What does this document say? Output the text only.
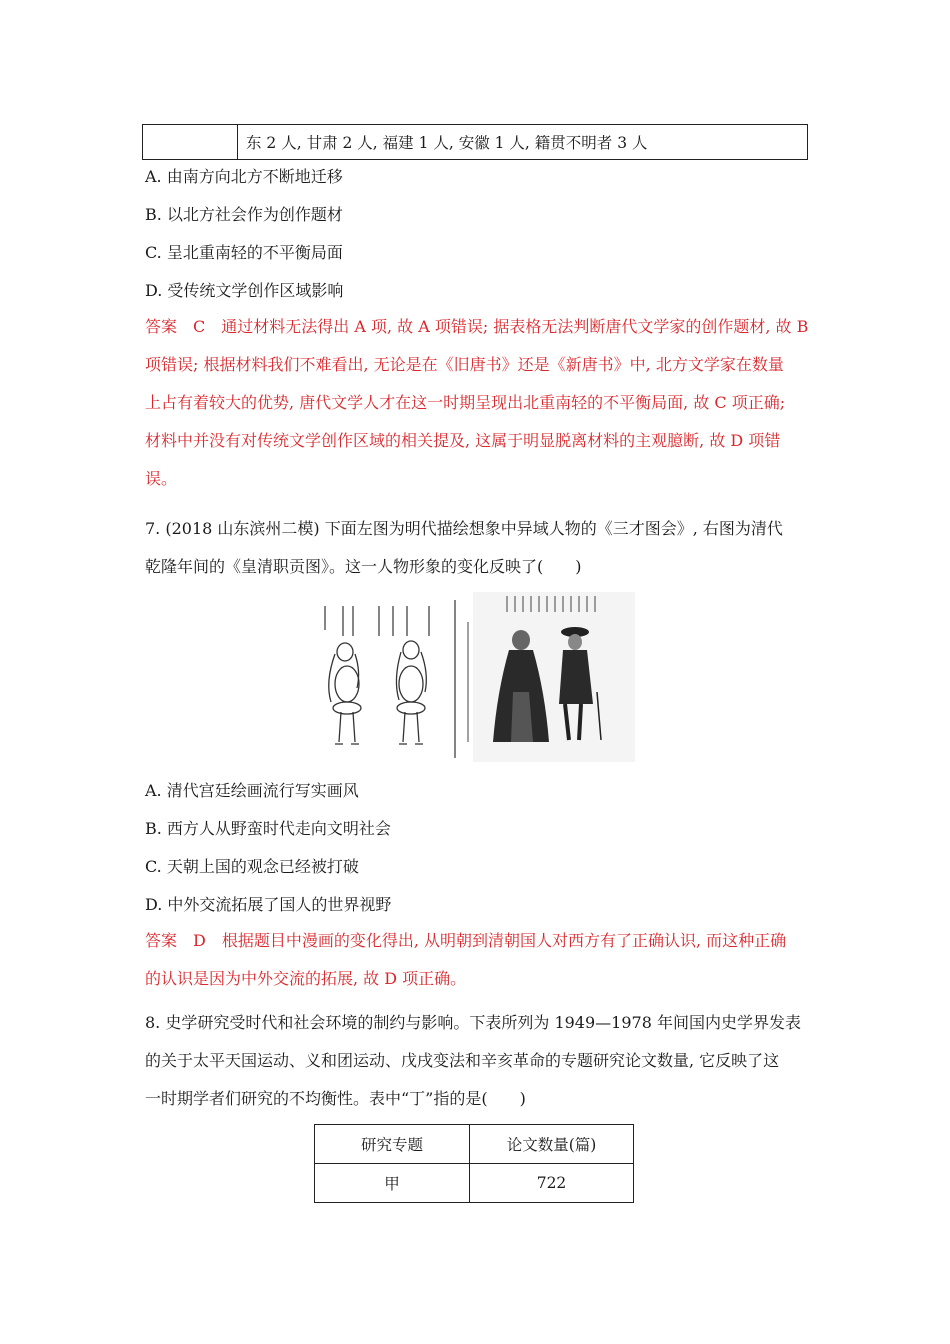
	东 2 人, 甘肃 2 人, 福建 1 人, 安徽 1 人, 籍贯不明者 3 人
A. 由南方向北方不断地迁移
B. 以北方社会作为创作题材
C. 呈北重南轻的不平衡局面
D. 受传统文学创作区域影响
答案　C　通过材料无法得出 A 项, 故 A 项错误; 据表格无法判断唐代文学家的创作题材, 故 B
项错误; 根据材料我们不难看出, 无论是在《旧唐书》还是《新唐书》中, 北方文学家在数量
上占有着较大的优势, 唐代文学人才在这一时期呈现出北重南轻的不平衡局面, 故 C 项正确;
材料中并没有对传统文学创作区域的相关提及, 这属于明显脱离材料的主观臆断, 故 D 项错
误。
7. (2018 山东滨州二模) 下面左图为明代描绘想象中异域人物的《三才图会》, 右图为清代
乾隆年间的《皇清职贡图》。这一人物形象的变化反映了(　　)
A. 清代宫廷绘画流行写实画风
B. 西方人从野蛮时代走向文明社会
C. 天朝上国的观念已经被打破
D. 中外交流拓展了国人的世界视野
答案　D　根据题目中漫画的变化得出, 从明朝到清朝国人对西方有了正确认识, 而这种正确
的认识是因为中外交流的拓展, 故 D 项正确。
8. 史学研究受时代和社会环境的制约与影响。下表所列为 1949—1978 年间国内史学界发表
的关于太平天国运动、义和团运动、戊戌变法和辛亥革命的专题研究论文数量, 它反映了这
一时期学者们研究的不均衡性。表中“丁”指的是(　　)
研究专题	论文数量(篇)
甲	722
